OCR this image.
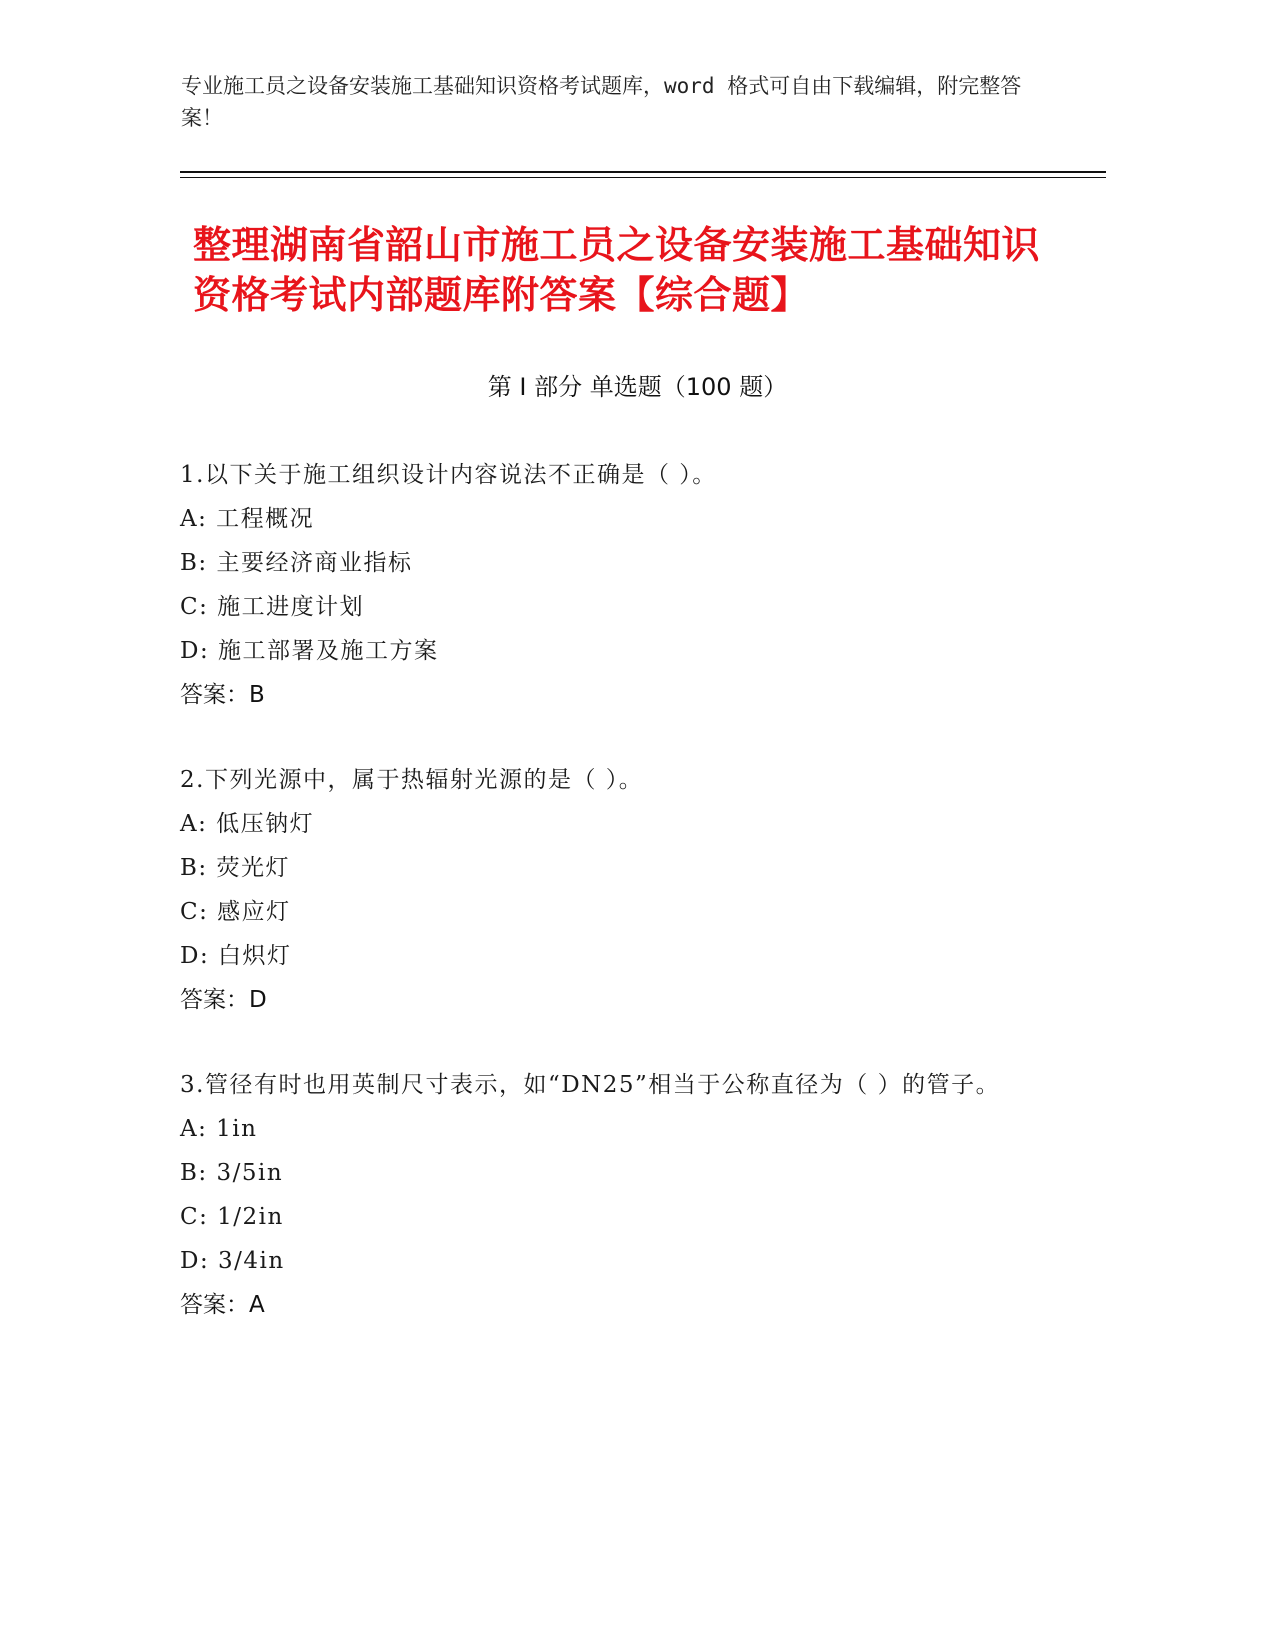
专业施工员之设备安装施工基础知识资格考试题库，word 格式可自由下载编辑，附完整答案！
整理湖南省韶山市施工员之设备安装施工基础知识资格考试内部题库附答案【综合题】
第 I 部分 单选题（100 题）
1.以下关于施工组织设计内容说法不正确是（ ）。
A: 工程概况
B: 主要经济商业指标
C: 施工进度计划
D: 施工部署及施工方案
答案：B
2.下列光源中，属于热辐射光源的是（ ）。
A: 低压钠灯
B: 荧光灯
C: 感应灯
D: 白炽灯
答案：D
3.管径有时也用英制尺寸表示，如“DN25”相当于公称直径为（ ）的管子。
A: 1in
B: 3/5in
C: 1/2in
D: 3/4in
答案：A
